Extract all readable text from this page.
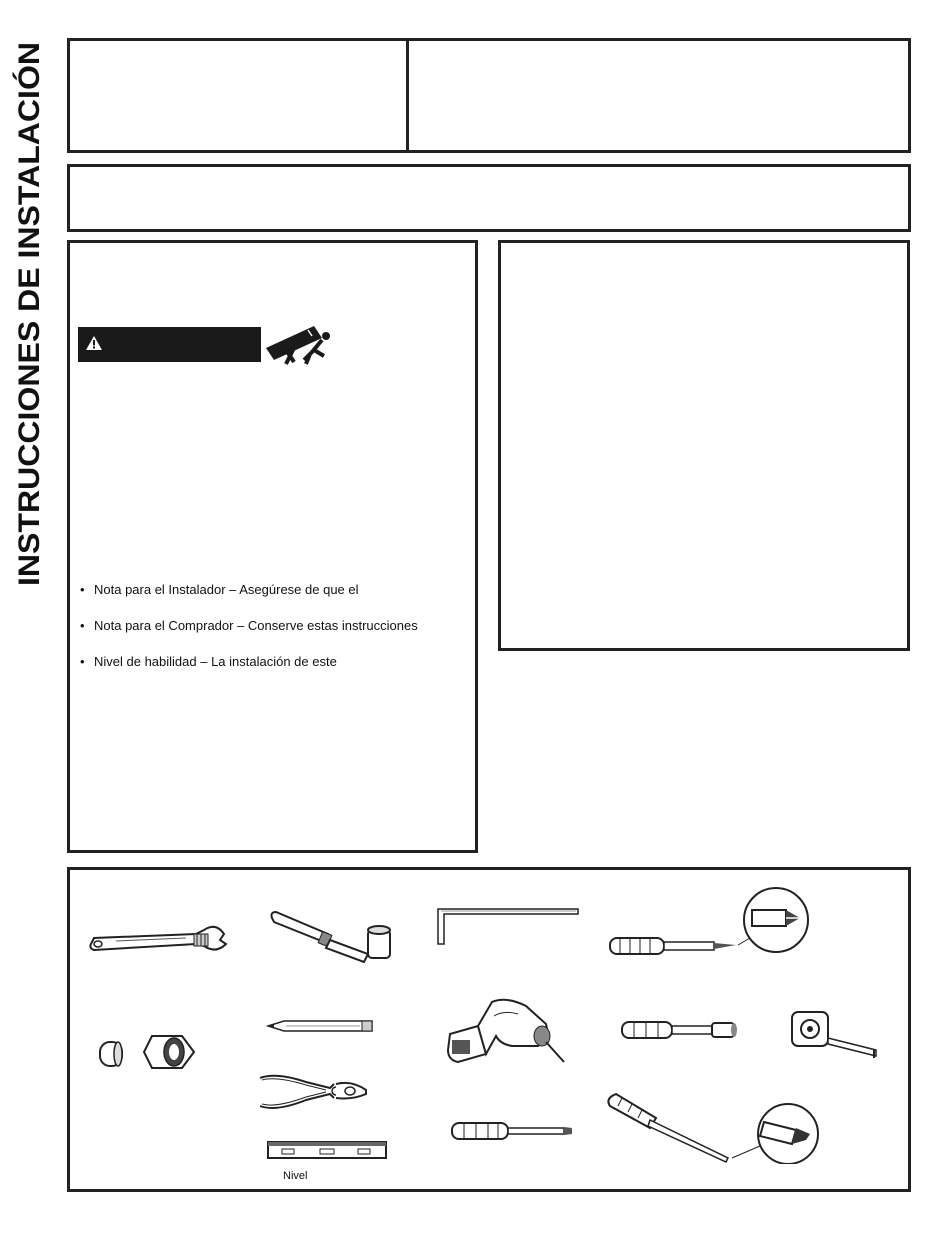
INSTRUCCIONES DE INSTALACIÓN
• Nota para el Instalador – Asegúrese de que el
• Nota para el Comprador – Conserve estas instrucciones
• Nivel de habilidad – La instalación de este
Nivel
